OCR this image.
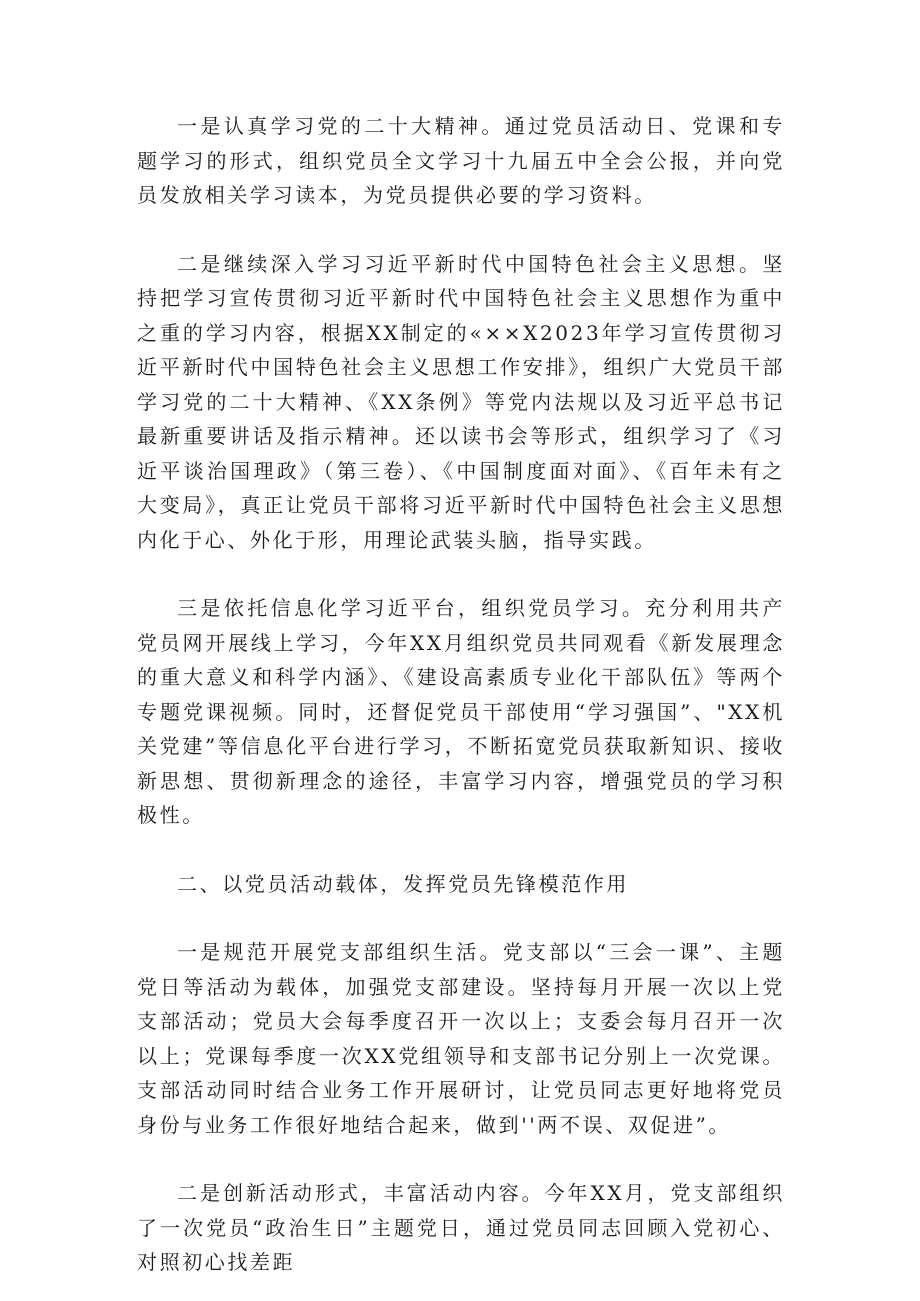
一是认真学习党的二十大精神。通过党员活动日、党课和专题学习的形式，组织党员全文学习十九届五中全会公报，并向党员发放相关学习读本，为党员提供必要的学习资料。

二是继续深入学习习近平新时代中国特色社会主义思想。坚持把学习宣传贯彻习近平新时代中国特色社会主义思想作为重中之重的学习内容，根据XX制定的«××X2023年学习宣传贯彻习近平新时代中国特色社会主义思想工作安排》，组织广大党员干部学习党的二十大精神、《XX条例》等党内法规以及习近平总书记最新重要讲话及指示精神。还以读书会等形式，组织学习了《习近平谈治国理政》（第三卷）、《中国制度面对面》、《百年未有之大变局》，真正让党员干部将习近平新时代中国特色社会主义思想内化于心、外化于形，用理论武装头脑，指导实践。

三是依托信息化学习近平台，组织党员学习。充分利用共产党员网开展线上学习，今年XX月组织党员共同观看《新发展理念的重大意义和科学内涵》、《建设高素质专业化干部队伍》等两个专题党课视频。同时，还督促党员干部使用“学习强国”、"XX机关党建”等信息化平台进行学习，不断拓宽党员获取新知识、接收新思想、贯彻新理念的途径，丰富学习内容，增强党员的学习积极性。

二、以党员活动载体，发挥党员先锋模范作用

一是规范开展党支部组织生活。党支部以“三会一课”、主题党日等活动为载体，加强党支部建设。坚持每月开展一次以上党支部活动；党员大会每季度召开一次以上；支委会每月召开一次以上；党课每季度一次XX党组领导和支部书记分别上一次党课。支部活动同时结合业务工作开展研讨，让党员同志更好地将党员身份与业务工作很好地结合起来，做到''两不误、双促进”。

二是创新活动形式，丰富活动内容。今年XX月，党支部组织了一次党员“政治生日”主题党日，通过党员同志回顾入党初心、对照初心找差距
